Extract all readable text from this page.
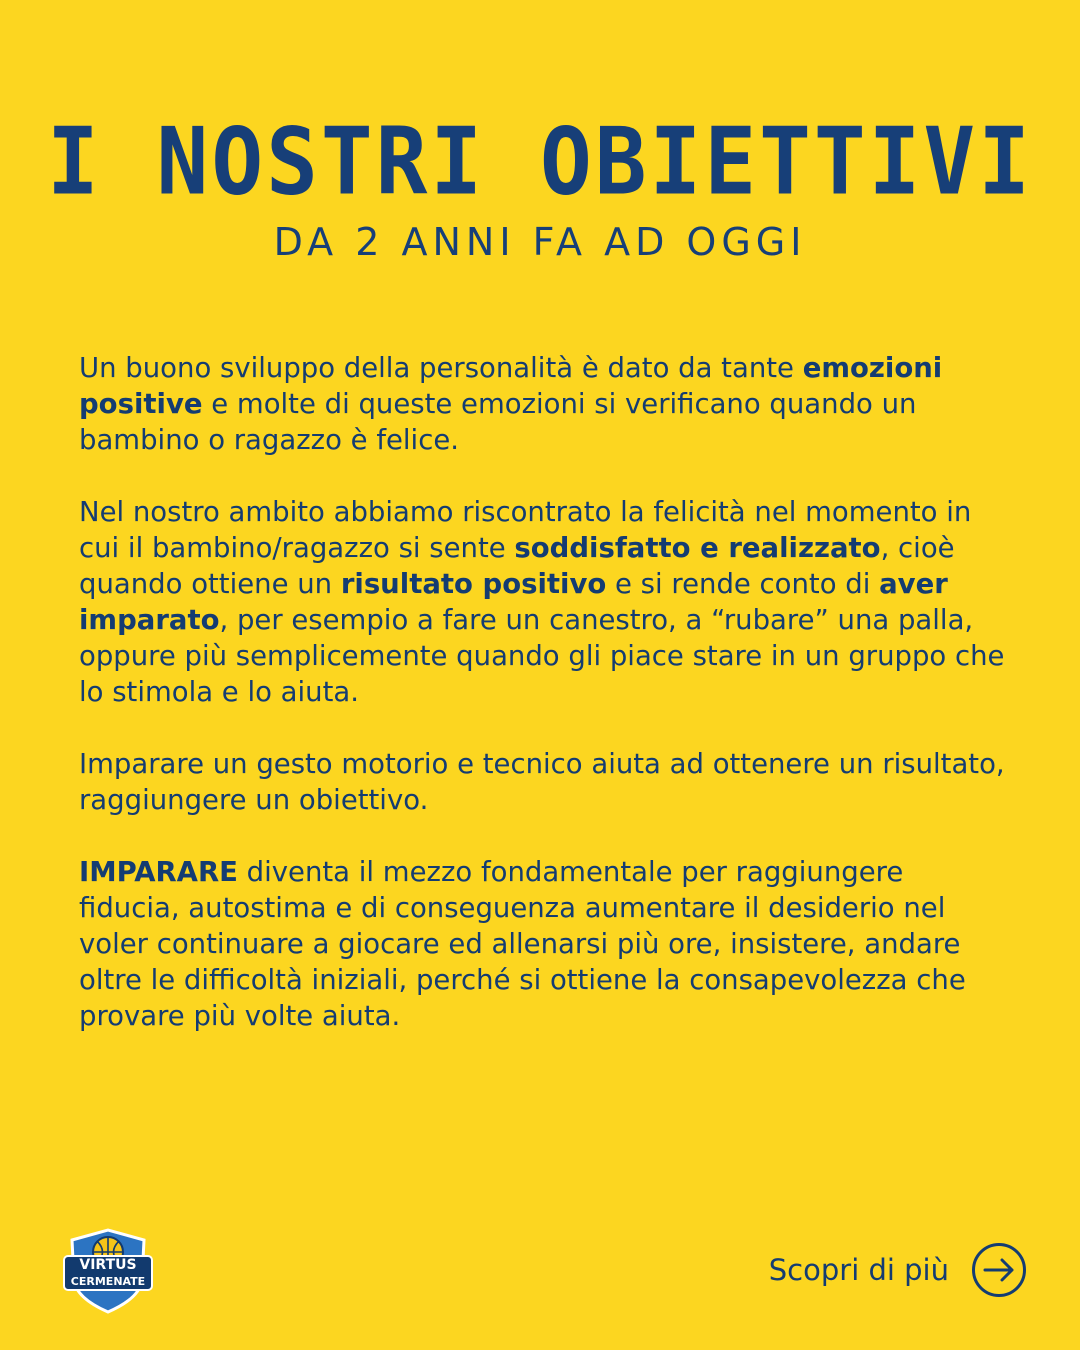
I NOSTRI OBIETTIVI
DA 2 ANNI FA AD OGGI

Un buono sviluppo della personalità è dato da tante emozioni positive e molte di queste emozioni si verificano quando un bambino o ragazzo è felice.

Nel nostro ambito abbiamo riscontrato la felicità nel momento in cui il bambino/ragazzo si sente soddisfatto e realizzato, cioè quando ottiene un risultato positivo e si rende conto di aver imparato, per esempio a fare un canestro, a “rubare” una palla, oppure più semplicemente quando gli piace stare in un gruppo che lo stimola e lo aiuta.

Imparare un gesto motorio e tecnico aiuta ad ottenere un risultato, raggiungere un obiettivo.

IMPARARE diventa il mezzo fondamentale per raggiungere fiducia, autostima e di conseguenza aumentare il desiderio nel voler continuare a giocare ed allenarsi più ore, insistere, andare oltre le difficoltà iniziali, perché si ottiene la consapevolezza che provare più volte aiuta.

VIRTUS
CERMENATE	Scopri di più
